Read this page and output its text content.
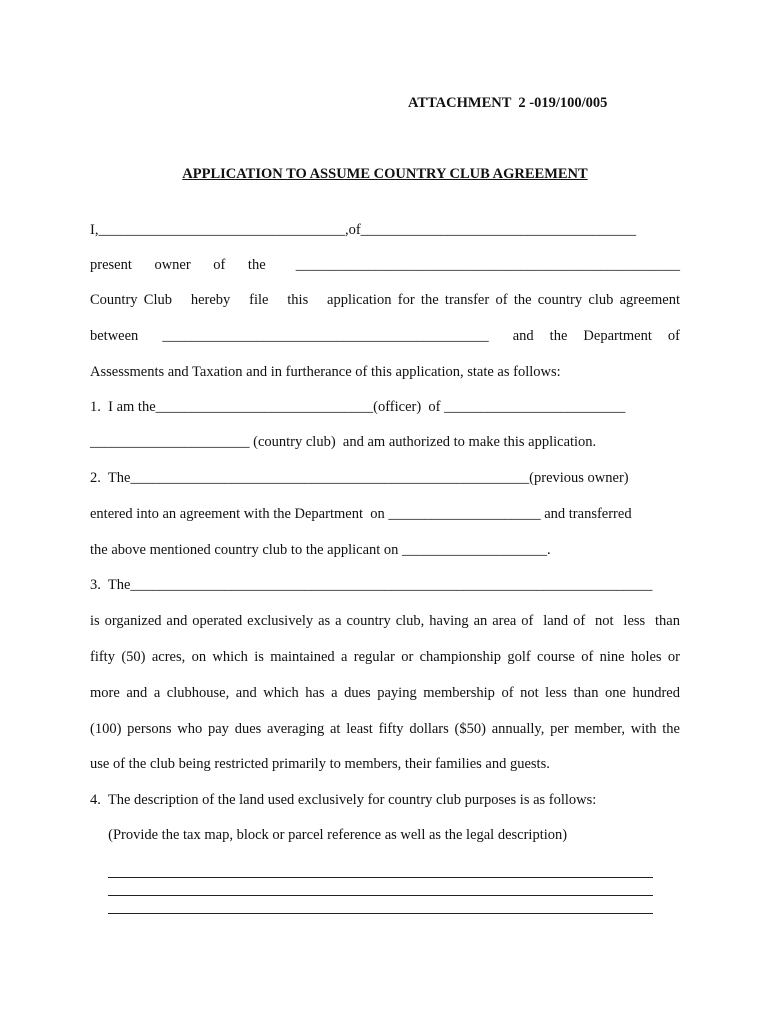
ATTACHMENT  2 -019/100/005
APPLICATION TO ASSUME COUNTRY CLUB AGREEMENT
I,__________________________________,of______________________________________
present   owner   of   the    _____________________________________________________
Country Club   hereby   file   this   application for the transfer of the country club agreement
between   _____________________________________________   and  the  Department  of
Assessments and Taxation and in furtherance of this application, state as follows:
1.  I am the______________________________(officer)  of _________________________
______________________ (country club)  and am authorized to make this application.
2.  The_______________________________________________________(previous owner)
entered into an agreement with the Department  on _____________________ and transferred
the above mentioned country club to the applicant on ____________________.
3.  The________________________________________________________________________
is organized and operated exclusively as a country club, having an area of  land of  not  less  than
fifty (50) acres, on which is maintained a regular or championship golf course of nine holes or
more and a clubhouse, and which has a dues paying membership of not less than one hundred
(100) persons who pay dues averaging at least fifty dollars ($50) annually, per member, with the
use of the club being restricted primarily to members, their families and guests.
4.  The description of the land used exclusively for country club purposes is as follows:
(Provide the tax map, block or parcel reference as well as the legal description)
